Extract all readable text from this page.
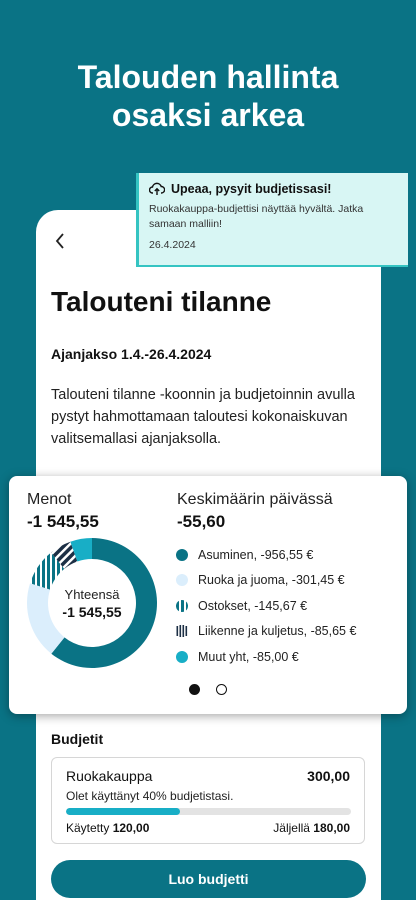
Talouden hallinta
osaksi arkea
Talouteni tilanne
Ajanjakso 1.4.-26.4.2024
Talouteni tilanne -koonnin ja budjetoinnin avulla pystyt hahmottamaan taloutesi kokonaiskuvan valitsemallasi ajanjaksolla.
Upeaa, pysyit budjetissasi!
Ruokakauppa-budjettisi näyttää hyvältä. Jatka samaan malliin!
26.4.2024
Menot
-1 545,55
Keskimäärin päivässä
-55,60
Yhteensä
-1 545,55
Asuminen, -956,55 €
Ruoka ja juoma, -301,45 €
Ostokset, -145,67 €
Liikenne ja kuljetus, -85,65 €
Muut yht, -85,00 €
Budjetit
Ruokakauppa	300,00
Olet käyttänyt 40% budjetistasi.
Käytetty 120,00	Jäljellä 180,00
Luo budjetti
